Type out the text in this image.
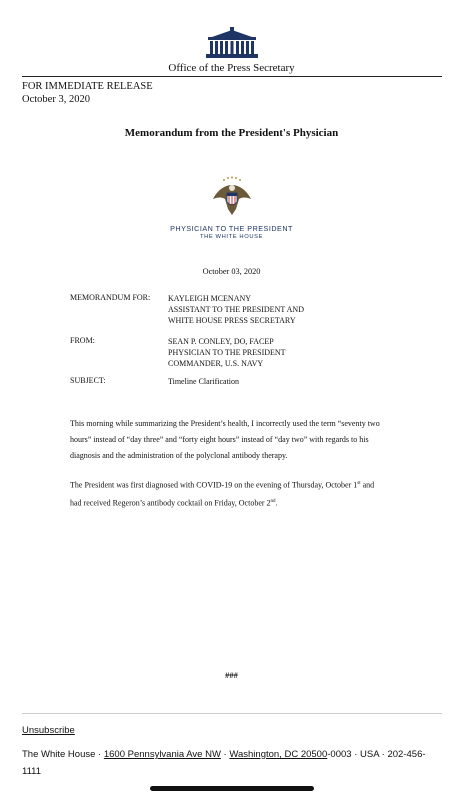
Office of the Press Secretary
FOR IMMEDIATE RELEASE
October 3, 2020
Memorandum from the President's Physician
PHYSICIAN TO THE PRESIDENT
THE WHITE HOUSE
October 03, 2020
MEMORANDUM FOR: KAYLEIGH MCENANY
ASSISTANT TO THE PRESIDENT AND
WHITE HOUSE PRESS SECRETARY
FROM:	SEAN P. CONLEY, DO, FACEP
PHYSICIAN TO THE PRESIDENT
COMMANDER, U.S. NAVY
SUBJECT:	Timeline Clarification
This morning while summarizing the President’s health, I incorrectly used the term “seventy two
hours” instead of “day three” and “forty eight hours” instead of “day two” with regards to his
diagnosis and the administration of the polyclonal antibody therapy.
The President was first diagnosed with COVID-19 on the evening of Thursday, October 1st and
had received Regeron’s antibody cocktail on Friday, October 2nd.
###
Unsubscribe
The White House · 1600 Pennsylvania Ave NW · Washington, DC 20500-0003 · USA · 202-456-
1111
